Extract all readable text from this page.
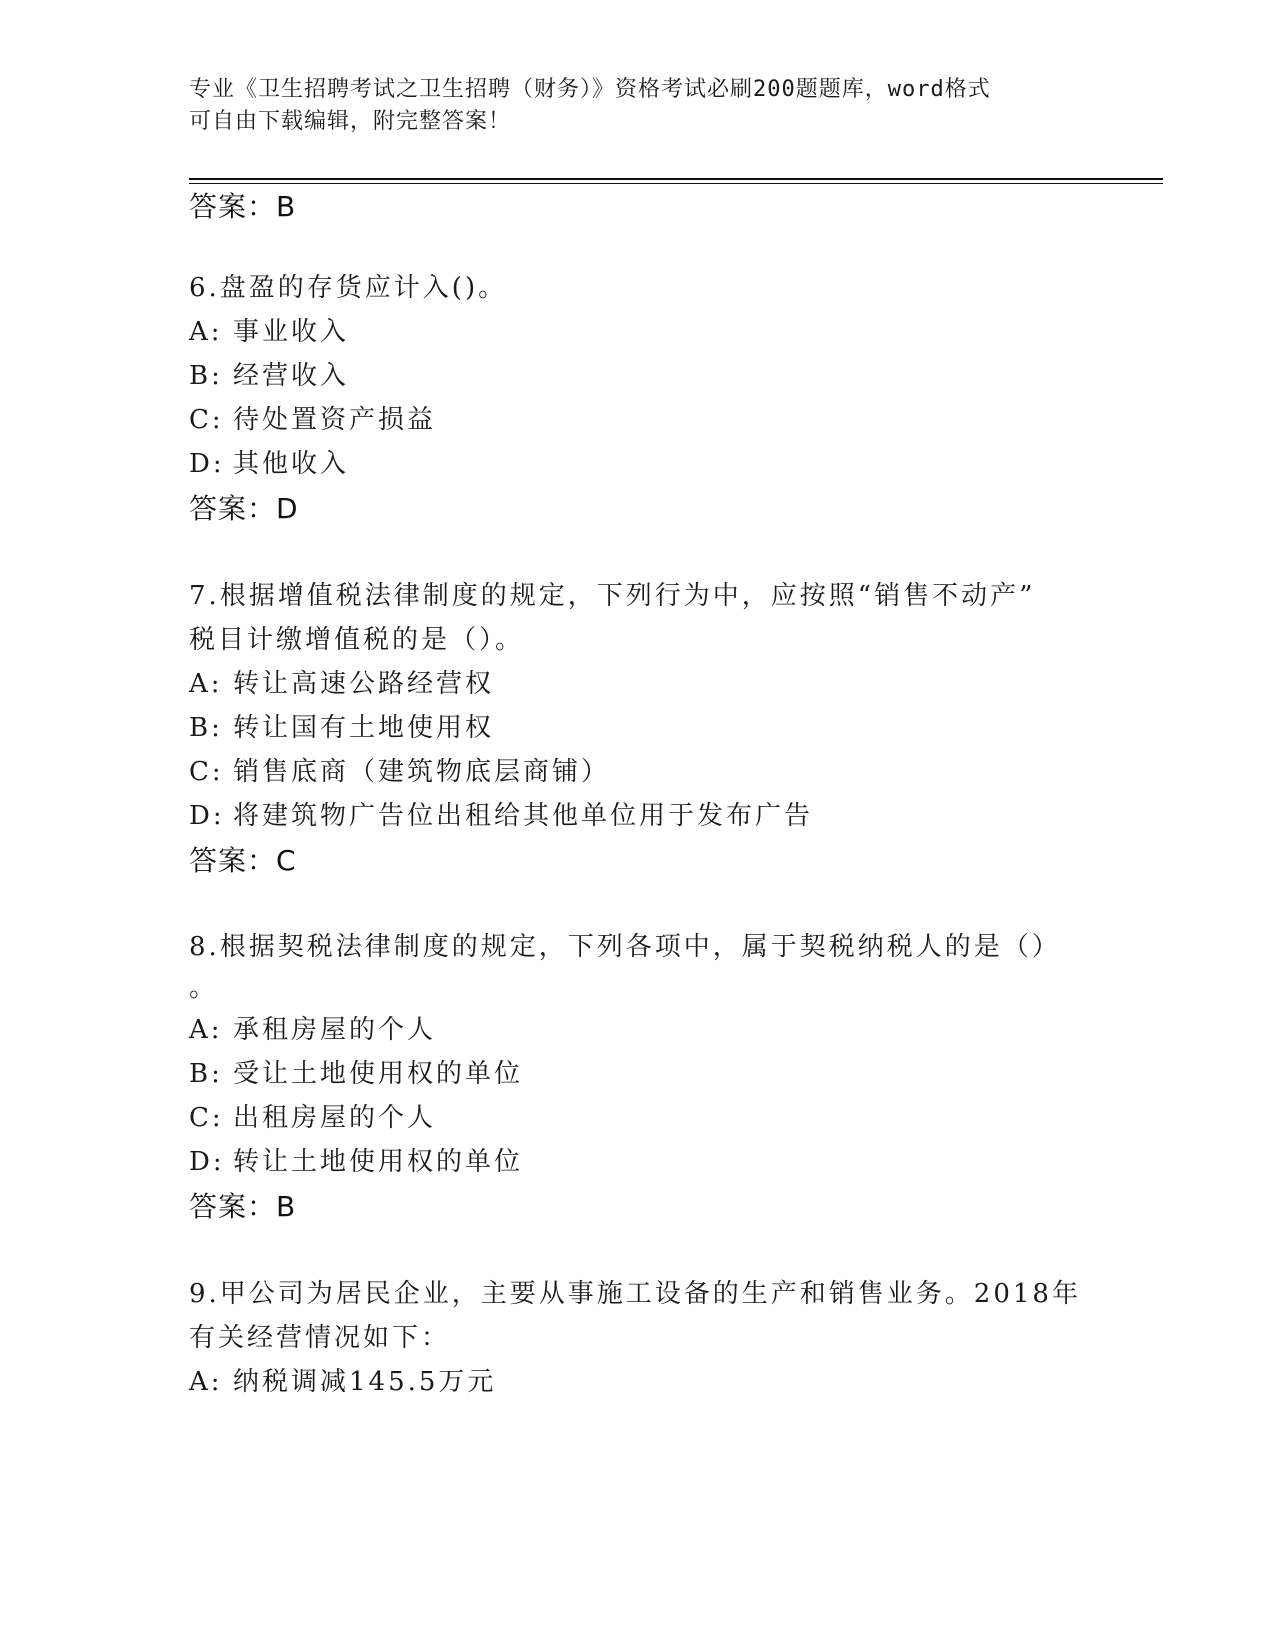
专业《卫生招聘考试之卫生招聘（财务）》资格考试必刷200题题库，word格式
可自由下载编辑，附完整答案！
答案：B
6.盘盈的存货应计入()。
A: 事业收入
B: 经营收入
C: 待处置资产损益
D: 其他收入
答案：D
7.根据增值税法律制度的规定，下列行为中，应按照“销售不动产”
税目计缴增值税的是（）。
A: 转让高速公路经营权
B: 转让国有土地使用权
C: 销售底商（建筑物底层商铺）
D: 将建筑物广告位出租给其他单位用于发布广告
答案：C
8.根据契税法律制度的规定，下列各项中，属于契税纳税人的是（）
。
A: 承租房屋的个人
B: 受让土地使用权的单位
C: 出租房屋的个人
D: 转让土地使用权的单位
答案：B
9.甲公司为居民企业，主要从事施工设备的生产和销售业务。2018年
有关经营情况如下：
A: 纳税调减145.5万元
